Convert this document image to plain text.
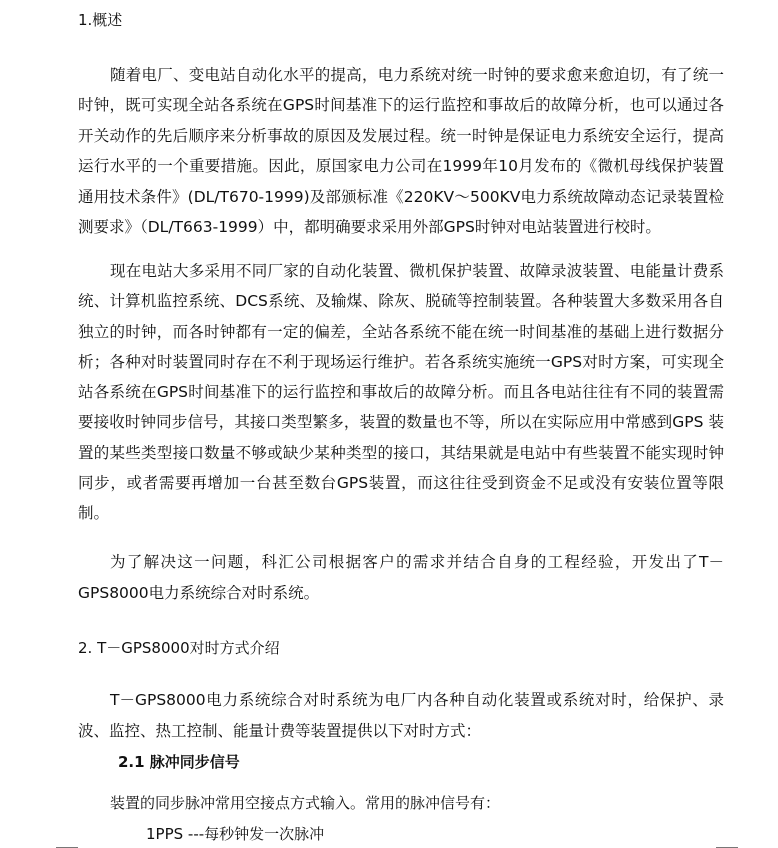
1.概述

随着电厂、变电站自动化水平的提高，电力系统对统一时钟的要求愈来愈迫切，有了统一时钟，既可实现全站各系统在GPS时间基准下的运行监控和事故后的故障分析，也可以通过各开关动作的先后顺序来分析事故的原因及发展过程。统一时钟是保证电力系统安全运行，提高运行水平的一个重要措施。因此，原国家电力公司在1999年10月发布的《微机母线保护装置通用技术条件》(DL/T670-1999)及部颁标准《220KV～500KV电力系统故障动态记录装置检测要求》（DL/T663-1999）中，都明确要求采用外部GPS时钟对电站装置进行校时。

现在电站大多采用不同厂家的自动化装置、微机保护装置、故障录波装置、电能量计费系统、计算机监控系统、DCS系统、及输煤、除灰、脱硫等控制装置。各种装置大多数采用各自独立的时钟，而各时钟都有一定的偏差，全站各系统不能在统一时间基准的基础上进行数据分析；各种对时装置同时存在不利于现场运行维护。若各系统实施统一GPS对时方案，可实现全站各系统在GPS时间基准下的运行监控和事故后的故障分析。而且各电站往往有不同的装置需要接收时钟同步信号，其接口类型繁多，装置的数量也不等，所以在实际应用中常感到GPS 装置的某些类型接口数量不够或缺少某种类型的接口，其结果就是电站中有些装置不能实现时钟同步，或者需要再增加一台甚至数台GPS装置，而这往往受到资金不足或没有安装位置等限制。

为了解决这一问题，科汇公司根据客户的需求并结合自身的工程经验，开发出了T－GPS8000电力系统综合对时系统。

2. T－GPS8000对时方式介绍

T－GPS8000电力系统综合对时系统为电厂内各种自动化装置或系统对时，给保护、录波、监控、热工控制、能量计费等装置提供以下对时方式：

2.1 脉冲同步信号

装置的同步脉冲常用空接点方式输入。常用的脉冲信号有：

1PPS ---每秒钟发一次脉冲
